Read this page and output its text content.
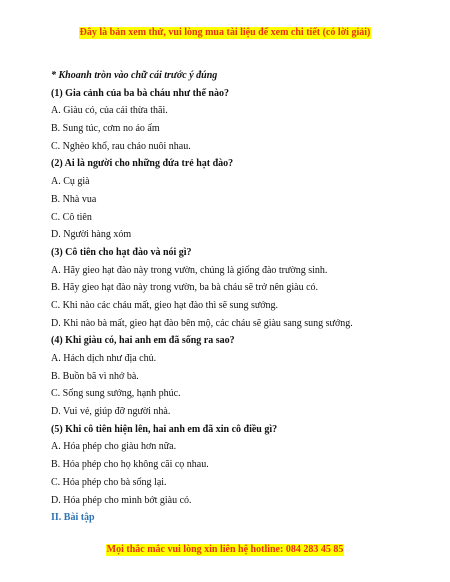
Đây là bản xem thử, vui lòng mua tài liệu để xem chi tiết (có lời giải)
* Khoanh tròn vào chữ cái trước ý đúng
(1) Gia cảnh của ba bà cháu như thế nào?
A. Giàu có, của cải thừa thãi.
B. Sung túc, cơm no áo ấm
C. Nghèo khổ, rau cháo nuôi nhau.
(2) Ai là người cho những đứa trẻ hạt đào?
A. Cụ già
B. Nhà vua
C. Cô tiên
D. Người hàng xóm
(3) Cô tiên cho hạt đào và nói gì?
A. Hãy gieo hạt đào này trong vườn, chúng là giống đào trường sinh.
B. Hãy gieo hạt đào này trong vườn, ba bà cháu sẽ trở nên giàu có.
C. Khi nào các cháu mất, gieo hạt đào thì sẽ sung sướng.
D. Khi nào bà mất, gieo hạt đào bên mộ, các cháu sẽ giàu sang sung sướng.
(4) Khi giàu có, hai anh em đã sống ra sao?
A. Hách dịch như địa chủ.
B. Buồn bã vì nhớ bà.
C. Sống sung sướng, hạnh phúc.
D. Vui vẻ, giúp đỡ người nhà.
(5) Khi cô tiên hiện lên, hai anh em đã xin cô điều gì?
A. Hóa phép cho giàu hơn nữa.
B. Hóa phép cho họ không cãi cọ nhau.
C. Hóa phép cho bà sống lại.
D. Hóa phép cho mình bớt giàu có.
II. Bài tập
Mọi thắc mắc vui lòng xin liên hệ hotline: 084 283 45 85
